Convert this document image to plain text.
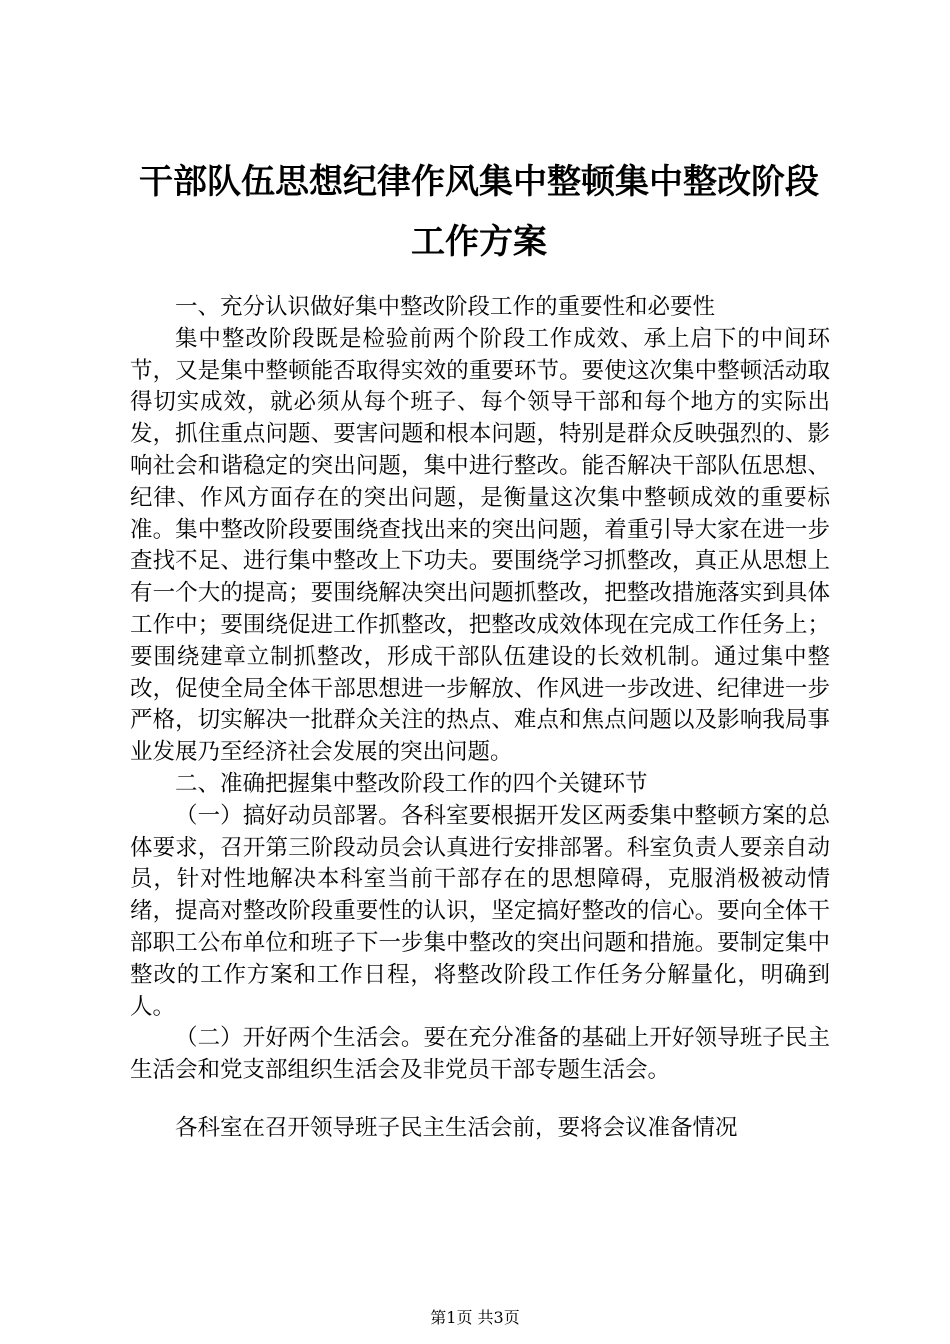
干部队伍思想纪律作风集中整顿集中整改阶段
工作方案

一、充分认识做好集中整改阶段工作的重要性和必要性

集中整改阶段既是检验前两个阶段工作成效、承上启下的中间环节，又是集中整顿能否取得实效的重要环节。要使这次集中整顿活动取得切实成效，就必须从每个班子、每个领导干部和每个地方的实际出发，抓住重点问题、要害问题和根本问题，特别是群众反映强烈的、影响社会和谐稳定的突出问题，集中进行整改。能否解决干部队伍思想、纪律、作风方面存在的突出问题，是衡量这次集中整顿成效的重要标准。集中整改阶段要围绕查找出来的突出问题，着重引导大家在进一步查找不足、进行集中整改上下功夫。要围绕学习抓整改，真正从思想上有一个大的提高；要围绕解决突出问题抓整改，把整改措施落实到具体工作中；要围绕促进工作抓整改，把整改成效体现在完成工作任务上；要围绕建章立制抓整改，形成干部队伍建设的长效机制。通过集中整改，促使全局全体干部思想进一步解放、作风进一步改进、纪律进一步严格，切实解决一批群众关注的热点、难点和焦点问题以及影响我局事业发展乃至经济社会发展的突出问题。

二、准确把握集中整改阶段工作的四个关键环节

（一）搞好动员部署。各科室要根据开发区两委集中整顿方案的总体要求，召开第三阶段动员会认真进行安排部署。科室负责人要亲自动员，针对性地解决本科室当前干部存在的思想障碍，克服消极被动情绪，提高对整改阶段重要性的认识，坚定搞好整改的信心。要向全体干部职工公布单位和班子下一步集中整改的突出问题和措施。要制定集中整改的工作方案和工作日程，将整改阶段工作任务分解量化，明确到人。

（二）开好两个生活会。要在充分准备的基础上开好领导班子民主生活会和党支部组织生活会及非党员干部专题生活会。

各科室在召开领导班子民主生活会前，要将会议准备情况

第1页 共3页
